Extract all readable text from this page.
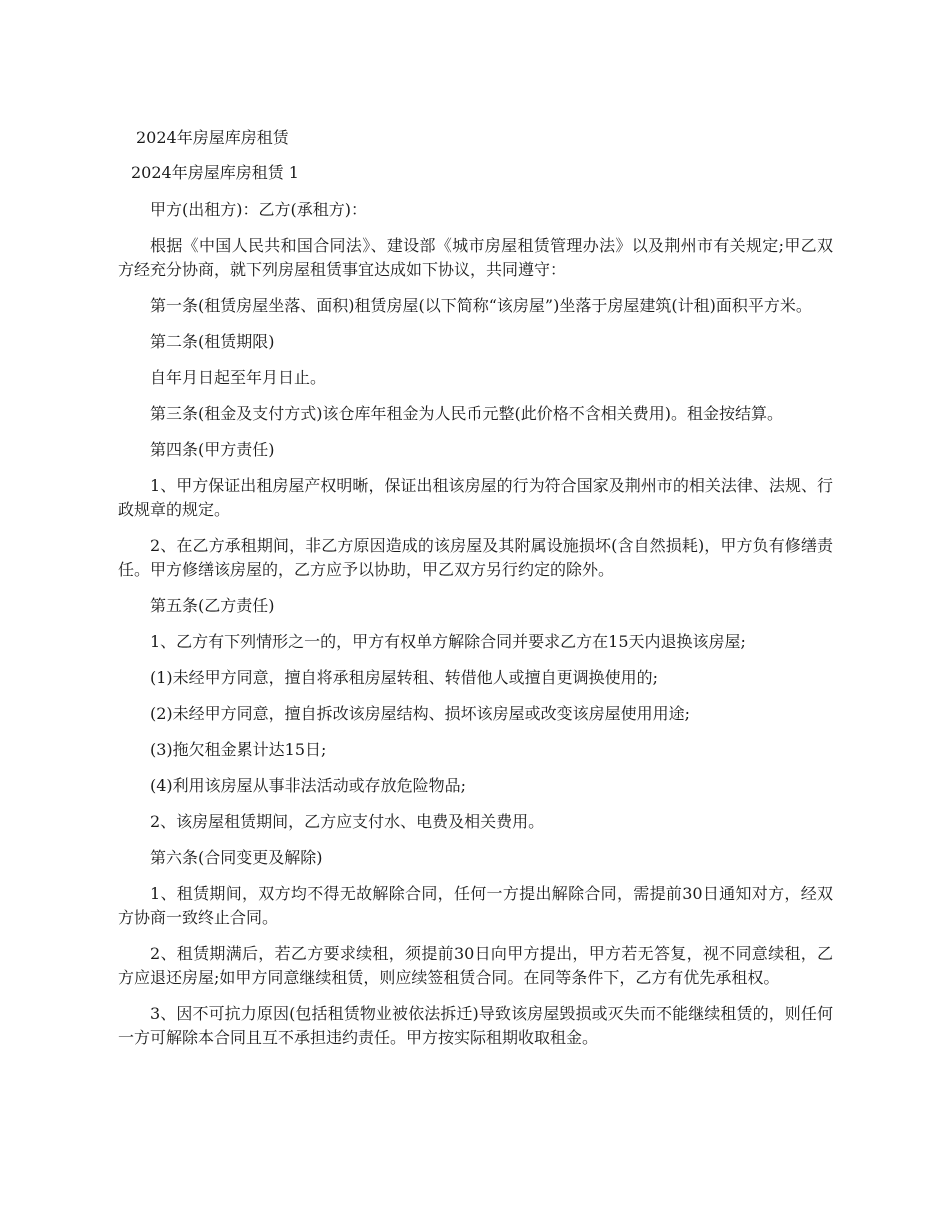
2024年房屋库房租赁
2024年房屋库房租赁 1

甲方(出租方)：乙方(承租方)：

根据《中国人民共和国合同法》、建设部《城市房屋租赁管理办法》以及荆州市有关规定;甲乙双方经充分协商，就下列房屋租赁事宜达成如下协议，共同遵守：

第一条(租赁房屋坐落、面积)租赁房屋(以下简称“该房屋”)坐落于房屋建筑(计租)面积平方米。

第二条(租赁期限)

自年月日起至年月日止。

第三条(租金及支付方式)该仓库年租金为人民币元整(此价格不含相关费用)。租金按结算。

第四条(甲方责任)

1、甲方保证出租房屋产权明晰，保证出租该房屋的行为符合国家及荆州市的相关法律、法规、行政规章的规定。

2、在乙方承租期间，非乙方原因造成的该房屋及其附属设施损坏(含自然损耗)，甲方负有修缮责任。甲方修缮该房屋的，乙方应予以协助，甲乙双方另行约定的除外。

第五条(乙方责任)

1、乙方有下列情形之一的，甲方有权单方解除合同并要求乙方在15天内退换该房屋;

(1)未经甲方同意，擅自将承租房屋转租、转借他人或擅自更调换使用的;

(2)未经甲方同意，擅自拆改该房屋结构、损坏该房屋或改变该房屋使用用途;

(3)拖欠租金累计达15日;

(4)利用该房屋从事非法活动或存放危险物品;

2、该房屋租赁期间，乙方应支付水、电费及相关费用。

第六条(合同变更及解除)

1、租赁期间，双方均不得无故解除合同，任何一方提出解除合同，需提前30日通知对方，经双方协商一致终止合同。

2、租赁期满后，若乙方要求续租，须提前30日向甲方提出，甲方若无答复，视不同意续租，乙方应退还房屋;如甲方同意继续租赁，则应续签租赁合同。在同等条件下，乙方有优先承租权。

3、因不可抗力原因(包括租赁物业被依法拆迁)导致该房屋毁损或灭失而不能继续租赁的，则任何一方可解除本合同且互不承担违约责任。甲方按实际租期收取租金。
